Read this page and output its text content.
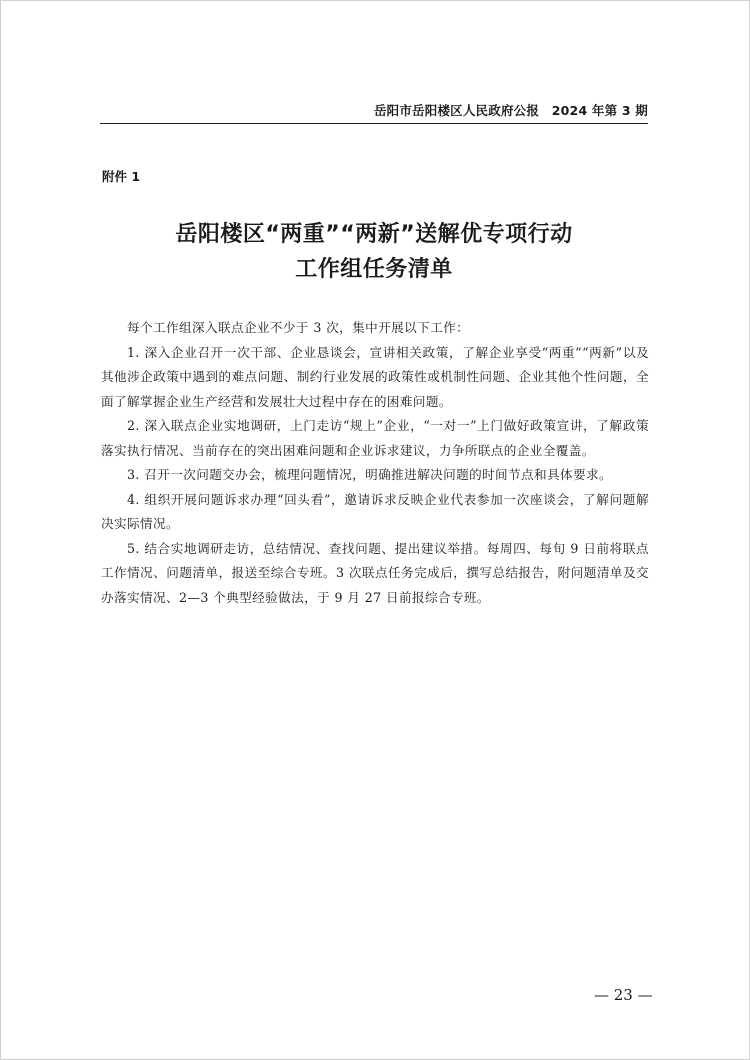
岳阳市岳阳楼区人民政府公报　2024 年第 3 期
附件 1
岳阳楼区“两重”“两新”送解优专项行动
工作组任务清单

每个工作组深入联点企业不少于 3 次，集中开展以下工作：

1. 深入企业召开一次干部、企业恳谈会，宣讲相关政策，了解企业享受“两重”“两新”以及其他涉企政策中遇到的难点问题、制约行业发展的政策性或机制性问题、企业其他个性问题，全面了解掌握企业生产经营和发展壮大过程中存在的困难问题。

2. 深入联点企业实地调研，上门走访“规上”企业，“一对一”上门做好政策宣讲，了解政策落实执行情况、当前存在的突出困难问题和企业诉求建议，力争所联点的企业全覆盖。

3. 召开一次问题交办会，梳理问题情况，明确推进解决问题的时间节点和具体要求。

4. 组织开展问题诉求办理“回头看”，邀请诉求反映企业代表参加一次座谈会，了解问题解决实际情况。

5. 结合实地调研走访，总结情况、查找问题、提出建议举措。每周四、每旬 9 日前将联点工作情况、问题清单，报送至综合专班。3 次联点任务完成后，撰写总结报告，附问题清单及交办落实情况、2—3 个典型经验做法，于 9 月 27 日前报综合专班。

— 23 —
